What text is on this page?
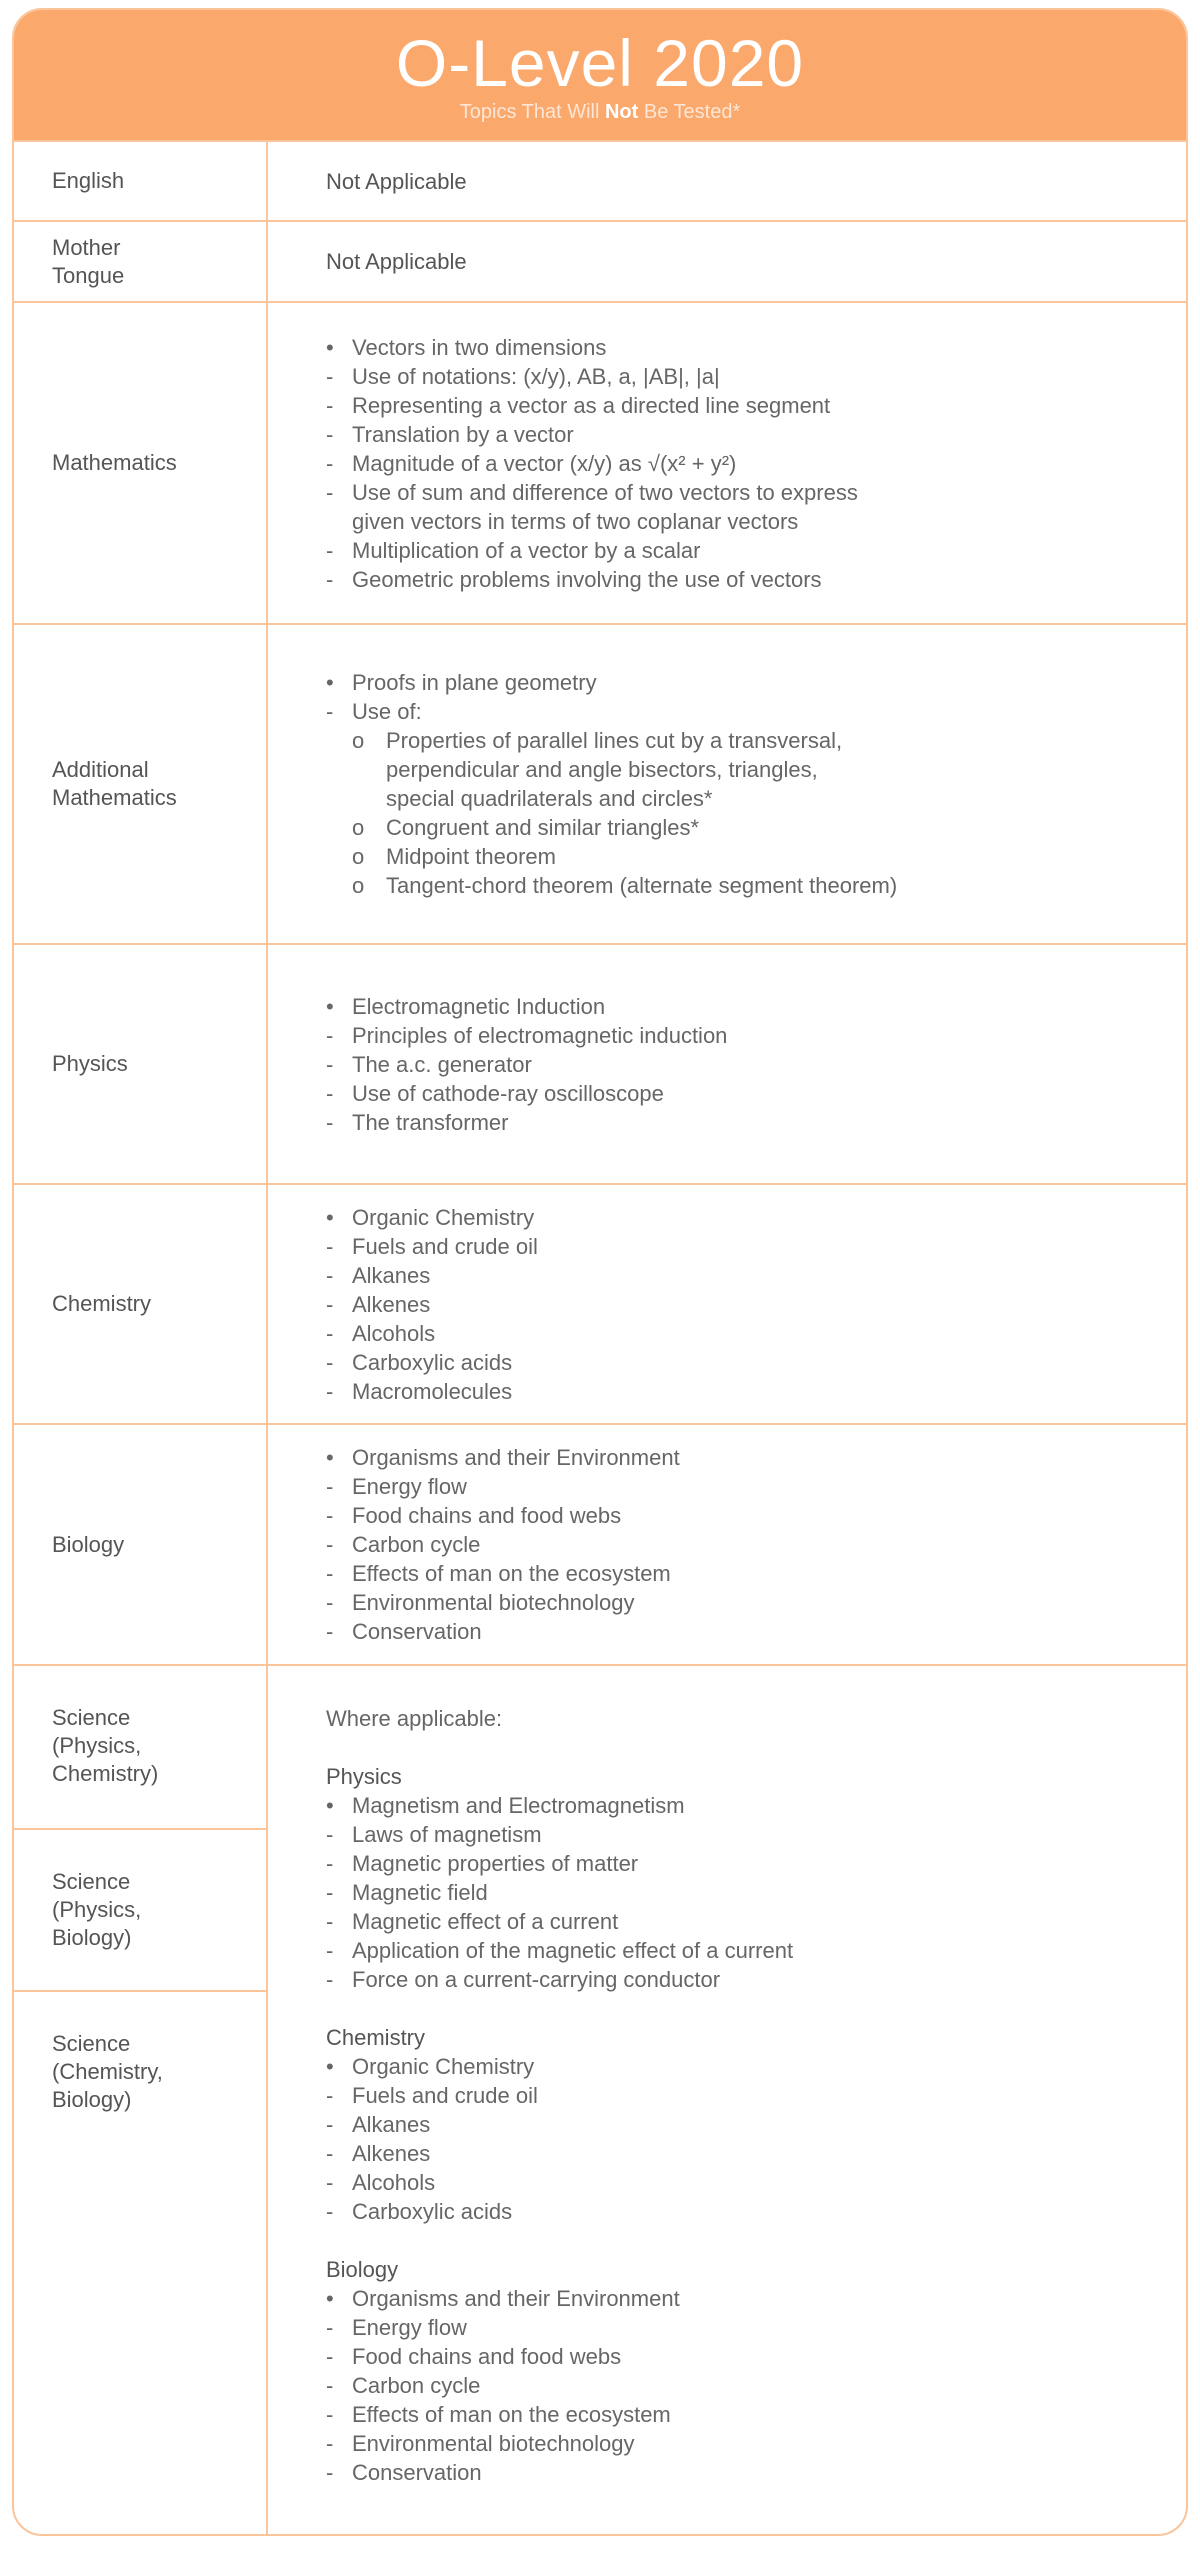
O-Level 2020
Topics That Will Not Be Tested*
English	Not Applicable
Mother
Tongue
Not Applicable
Mathematics
• Vectors in two dimensions
- Use of notations: (x/y), AB, a, |AB|, |a|
- Representing a vector as a directed line segment
- Translation by a vector
- Magnitude of a vector (x/y) as √(x² + y²)
- Use of sum and difference of two vectors to express
given vectors in terms of two coplanar vectors
- Multiplication of a vector by a scalar
- Geometric problems involving the use of vectors
Additional
Mathematics
• Proofs in plane geometry
- Use of:
o Properties of parallel lines cut by a transversal,
perpendicular and angle bisectors, triangles,
special quadrilaterals and circles*
o Congruent and similar triangles*
o Midpoint theorem
o Tangent-chord theorem (alternate segment theorem)
Physics
• Electromagnetic Induction
- Principles of electromagnetic induction
- The a.c. generator
- Use of cathode-ray oscilloscope
- The transformer
Chemistry
• Organic Chemistry
- Fuels and crude oil
- Alkanes
- Alkenes
- Alcohols
- Carboxylic acids
- Macromolecules
Biology
• Organisms and their Environment
- Energy flow
- Food chains and food webs
- Carbon cycle
- Effects of man on the ecosystem
- Environmental biotechnology
- Conservation
Science
(Physics,
Chemistry)
Science
(Physics,
Biology)
Science
(Chemistry,
Biology)
Where applicable:
Physics
• Magnetism and Electromagnetism
- Laws of magnetism
- Magnetic properties of matter
- Magnetic field
- Magnetic effect of a current
- Application of the magnetic effect of a current
- Force on a current-carrying conductor
Chemistry
• Organic Chemistry
- Fuels and crude oil
- Alkanes
- Alkenes
- Alcohols
- Carboxylic acids
Biology
• Organisms and their Environment
- Energy flow
- Food chains and food webs
- Carbon cycle
- Effects of man on the ecosystem
- Environmental biotechnology
- Conservation
